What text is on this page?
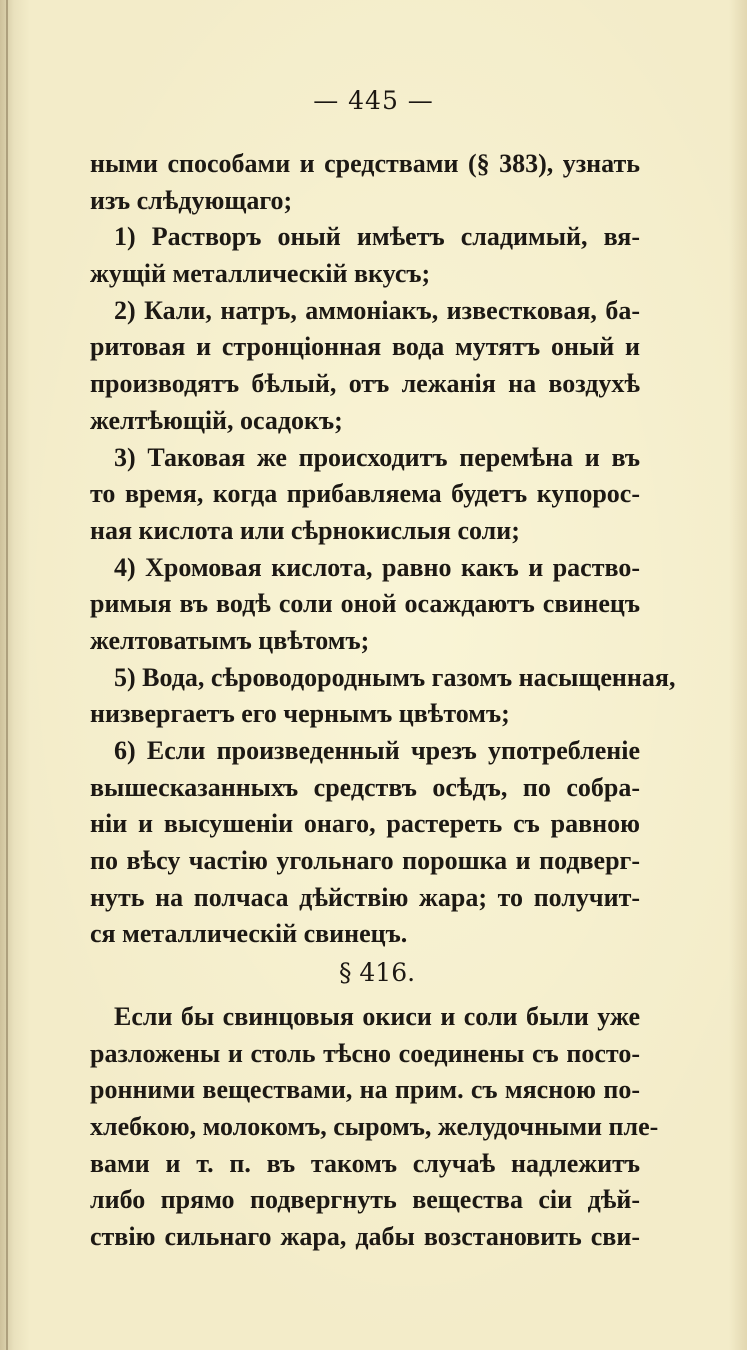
— 445 —
ными способами и средствами (§ 383), узнать
изъ слѣдующаго;
1) Растворъ оный имѣетъ сладимый, вя-
жущій металлическій вкусъ;
2) Кали, натръ, аммоніакъ, известковая, ба-
ритовая и стронціонная вода мутятъ оный и
производятъ бѣлый, отъ лежанія на воздухѣ
желтѣющій, осадокъ;
3) Таковая же происходитъ перемѣна и въ
то время, когда прибавляема будетъ купорос-
ная кислота или сѣрнокислыя соли;
4) Хромовая кислота, равно какъ и раство-
римыя въ водѣ соли оной осаждаютъ свинецъ
желтоватымъ цвѣтомъ;
5) Вода, сѣроводороднымъ газомъ насыщенная,
низвергаетъ его чернымъ цвѣтомъ;
6) Если произведенный чрезъ употребленіе
вышесказанныхъ средствъ осѣдъ, по собра-
ніи и высушеніи онаго, растереть съ равною
по вѣсу частію угольнаго порошка и подверг-
нуть на полчаса дѣйствію жара; то получит-
ся металлическій свинецъ.
§ 416.
Если бы свинцовыя окиси и соли были уже
разложены и столь тѣсно соединены съ посто-
ронними веществами, на прим. съ мясною по-
хлебкою, молокомъ, сыромъ, желудочными пле-
вами и т. п. въ такомъ случаѣ надлежитъ
либо прямо подвергнуть вещества сіи дѣй-
ствію сильнаго жара, дабы возстановить сви-
